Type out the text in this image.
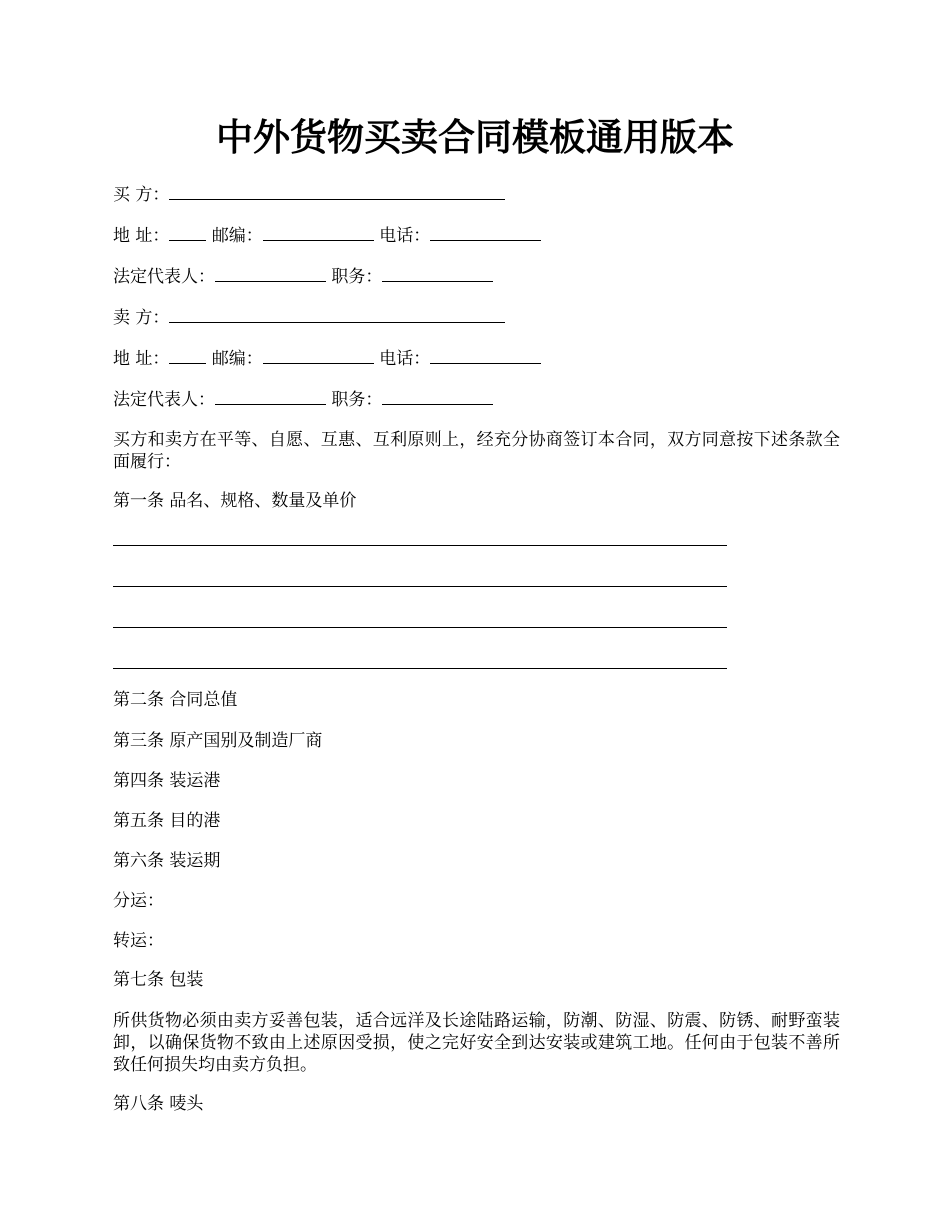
中外货物买卖合同模板通用版本
买 方：
地 址： 邮编：	电话：
法定代表人：	职务：
卖 方：
地 址： 邮编：	电话：
法定代表人：	职务：
买方和卖方在平等、自愿、互惠、互利原则上，经充分协商签订本合同，双方同意按下述条款全面履行：
第一条 品名、规格、数量及单价
第二条 合同总值
第三条 原产国别及制造厂商
第四条 装运港
第五条 目的港
第六条 装运期
分运：
转运：
第七条 包装
所供货物必须由卖方妥善包装，适合远洋及长途陆路运输，防潮、防湿、防震、防锈、耐野蛮装卸，以确保货物不致由上述原因受损，使之完好安全到达安装或建筑工地。任何由于包装不善所致任何损失均由卖方负担。
第八条 唛头
